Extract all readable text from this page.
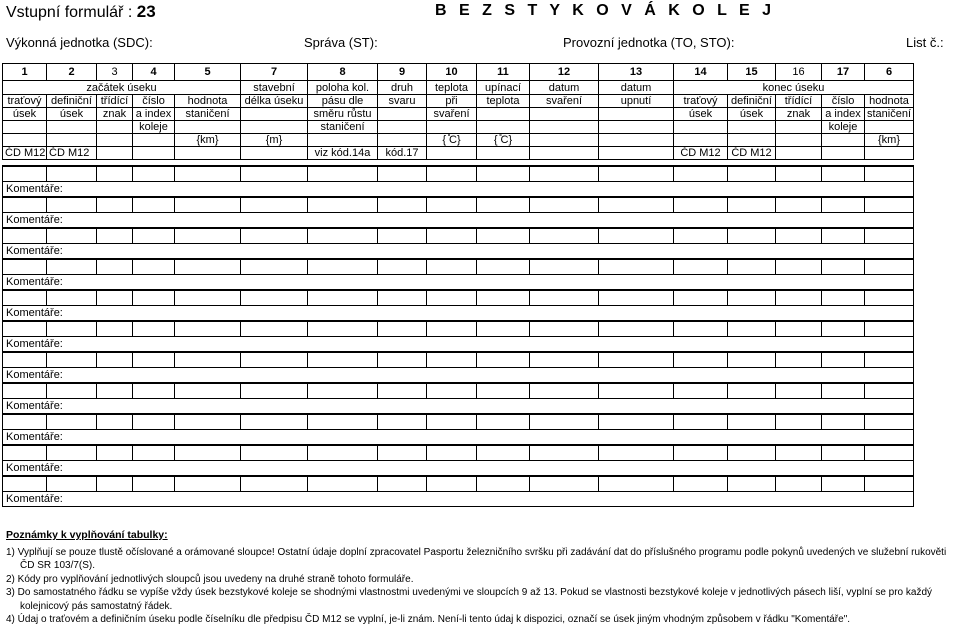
Vstupní formulář : 23	B E Z S T Y K O V Á K O L E J
Výkonná jednotka (SDC):	Správa (ST):	Provozní jednotka (TO, STO):	List č.:
1	2	3	4	5	7	8	9	10	11	12	13	14	15	16	17	6
začátek úseku					stavební	poloha kol.	druh	teplota	upínací	datum	datum	konec úseku				
traťový	definiční	třídící	číslo	hodnota	délka úseku	pásu dle	svaru	při	teplota	svaření	upnutí	traťový	definiční	třídící	číslo	hodnota
úsek	úsek	znak	a index	staničení		směru růstu		svaření				úsek	úsek	znak	a index	staničení
			koleje			staničení									koleje	
				{km}	{m}			{ ̊C}	{ ̊C}							{km}
ČD M12	ČD M12					viz kód.14a	kód.17					ČD M12	ČD M12			

Komentáře:																

Komentáře:																

Komentáře:																

Komentáře:																

Komentáře:																

Komentáře:																

Komentáře:																

Komentáře:																

Komentáře:																

Komentáře:																

Komentáře:																
Poznámky k vyplňování tabulky:

1) Vyplňují se pouze tlustě očíslované a orámované sloupce! Ostatní údaje doplní zpracovatel Pasportu železničního svršku při zadávání dat do příslušného programu podle pokynů uvedených ve služební rukověti ČD SR 103/7(S).

2) Kódy pro vyplňování jednotlivých sloupců jsou uvedeny na druhé straně tohoto formuláře.

3) Do samostatného řádku se vypíše vždy úsek bezstykové koleje se shodnými vlastnostmi uvedenými ve sloupcích 9 až 13. Pokud se vlastnosti bezstykové koleje v jednotlivých pásech liší, vyplní se pro každý kolejnicový pás samostatný řádek.

4) Údaj o traťovém a definičním úseku podle číselníku dle předpisu ČD M12 se vyplní, je-li znám. Není-li tento údaj k dispozici, označí se úsek jiným vhodným způsobem v řádku "Komentáře".
